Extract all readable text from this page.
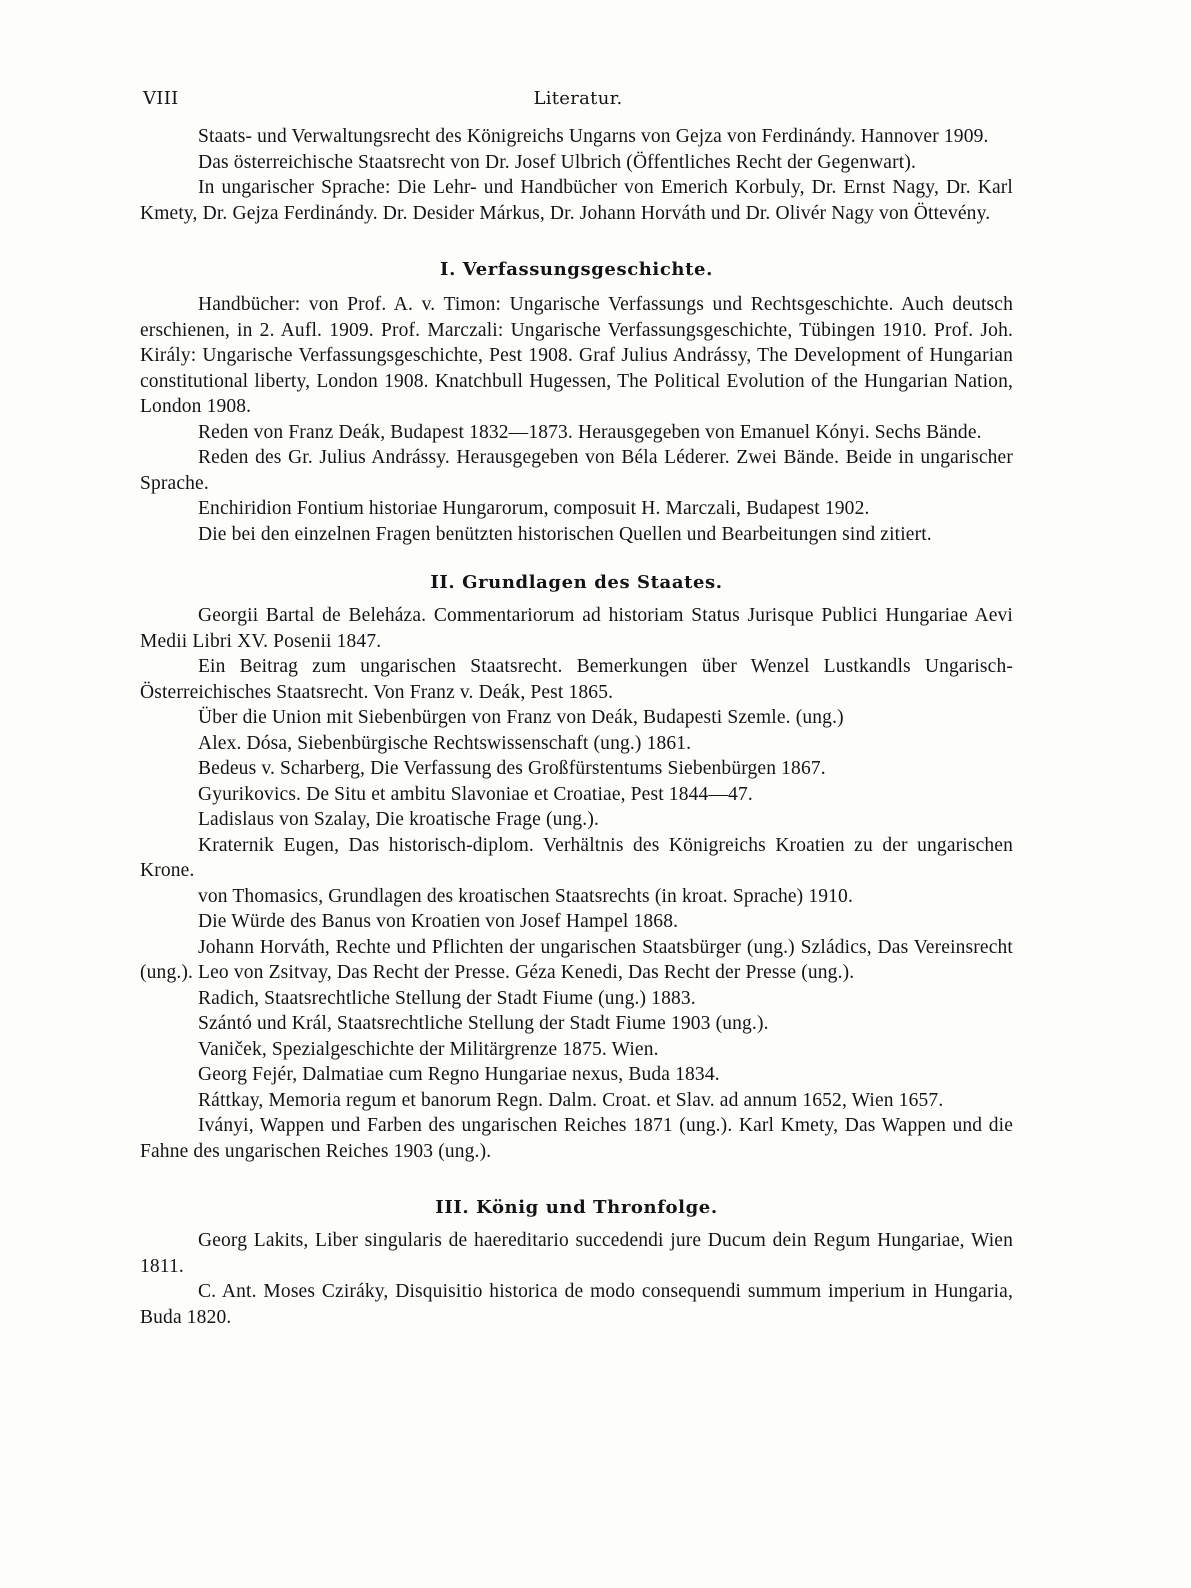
VIII	Literatur.

Staats- und Verwaltungsrecht des Königreichs Ungarns von Gejza von Ferdinándy. Hannover 1909.

Das österreichische Staatsrecht von Dr. Josef Ulbrich (Öffentliches Recht der Gegenwart).

In ungarischer Sprache: Die Lehr- und Handbücher von Emerich Korbuly, Dr. Ernst Nagy, Dr. Karl Kmety, Dr. Gejza Ferdinándy. Dr. Desider Márkus, Dr. Johann Horváth und Dr. Olivér Nagy von Öttevény.

I. Verfassungsgeschichte.

Handbücher: von Prof. A. v. Timon: Ungarische Verfassungs und Rechtsgeschichte. Auch deutsch erschienen, in 2. Aufl. 1909. Prof. Marczali: Ungarische Verfassungsgeschichte, Tübingen 1910. Prof. Joh. Király: Ungarische Verfassungsgeschichte, Pest 1908. Graf Julius Andrássy, The Development of Hungarian constitutional liberty, London 1908. Knatchbull Hugessen, The Political Evolution of the Hungarian Nation, London 1908.

Reden von Franz Deák, Budapest 1832—1873. Herausgegeben von Emanuel Kónyi. Sechs Bände.

Reden des Gr. Julius Andrássy. Herausgegeben von Béla Léderer. Zwei Bände. Beide in ungarischer Sprache.

Enchiridion Fontium historiae Hungarorum, composuit H. Marczali, Budapest 1902.

Die bei den einzelnen Fragen benützten historischen Quellen und Bearbeitungen sind zitiert.

II. Grundlagen des Staates.

Georgii Bartal de Beleháza. Commentariorum ad historiam Status Jurisque Publici Hungariae Aevi Medii Libri XV. Posenii 1847.

Ein Beitrag zum ungarischen Staatsrecht. Bemerkungen über Wenzel Lustkandls Ungarisch-Österreichisches Staatsrecht. Von Franz v. Deák, Pest 1865.

Über die Union mit Siebenbürgen von Franz von Deák, Budapesti Szemle. (ung.)

Alex. Dósa, Siebenbürgische Rechtswissenschaft (ung.) 1861.

Bedeus v. Scharberg, Die Verfassung des Großfürstentums Siebenbürgen 1867.

Gyurikovics. De Situ et ambitu Slavoniae et Croatiae, Pest 1844—47.

Ladislaus von Szalay, Die kroatische Frage (ung.).

Kraternik Eugen, Das historisch-diplom. Verhältnis des Königreichs Kroatien zu der ungarischen Krone.

von Thomasics, Grundlagen des kroatischen Staatsrechts (in kroat. Sprache) 1910.

Die Würde des Banus von Kroatien von Josef Hampel 1868.

Johann Horváth, Rechte und Pflichten der ungarischen Staatsbürger (ung.) Szládics, Das Vereinsrecht (ung.). Leo von Zsitvay, Das Recht der Presse. Géza Kenedi, Das Recht der Presse (ung.).

Radich, Staatsrechtliche Stellung der Stadt Fiume (ung.) 1883.

Szántó und Král, Staatsrechtliche Stellung der Stadt Fiume 1903 (ung.).

Vaniček, Spezialgeschichte der Militärgrenze 1875. Wien.

Georg Fejér, Dalmatiae cum Regno Hungariae nexus, Buda 1834.

Ráttkay, Memoria regum et banorum Regn. Dalm. Croat. et Slav. ad annum 1652, Wien 1657.

Iványi, Wappen und Farben des ungarischen Reiches 1871 (ung.). Karl Kmety, Das Wappen und die Fahne des ungarischen Reiches 1903 (ung.).

III. König und Thronfolge.

Georg Lakits, Liber singularis de haereditario succedendi jure Ducum dein Regum Hungariae, Wien 1811.

C. Ant. Moses Cziráky, Disquisitio historica de modo consequendi summum imperium in Hungaria, Buda 1820.
